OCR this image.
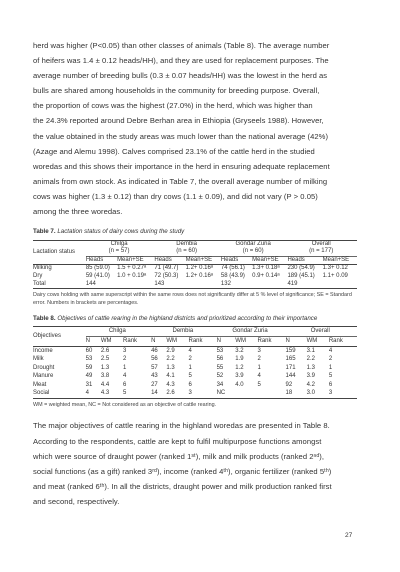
herd was higher (P<0.05) than other classes of animals (Table 8). The average number

of heifers was 1.4 ± 0.12 heads/HH), and they are used for replacement purposes. The

average number of breeding bulls (0.3 ± 0.07 heads/HH) was the lowest in the herd as

bulls are shared among households in the community for breeding purpose. Overall,

the proportion of cows was the highest (27.0%) in the herd, which was higher than

the 24.3% reported around Debre Berhan area in Ethiopia (Gryseels 1988). However,

the value obtained in the study areas was much lower than the national average (42%)

(Azage and Alemu 1998). Calves comprised 23.1% of the cattle herd in the studied

woredas and this shows their importance in the herd in ensuring adequate replacement

animals from own stock. As indicated in Table 7, the overall average number of milking

cows was higher (1.3 ± 0.12) than dry cows (1.1 ± 0.09), and did not vary (P > 0.05)

among the three woredas.

Table 7. Lactation status of dairy cows during the study

Lactation status	Chilga
(n = 57)		Dembia
(n = 60)		Gondar Zuria
(n = 60)		Overall
(n = 177)	
	Heads	Mean+SE	Heads	Mean+SE	Heads	Mean+SE	Heads	Mean+SE
Milking	85 (59.0)	1.5 + 0.27ᵃ	71 (49.7)	1.2+ 0.16ᵃ	74 (56.1)	1.3+ 0.18ᵃ	230 (54.9)	1.3+ 0.12
Dry	59 (41.0)	1.0 + 0.19ᵃ	72 (50.3)	1.2+ 0.16ᵃ	58 (43.9)	0.9+ 0.14ᵃ	189 (45.1)	1.1+ 0.09
Total	144		143		132		419	

Dairy cows holding with same superscript within the same rows does not significantly differ at 5 % level of significance; SE = Standard error. Numbers in brackets are percentages.

Table 8. Objectives of cattle rearing in the highland districts and prioritized according to their importance

Objectives	Chilga			Dembia			Gondar Zuria			Overall		
	N	WM	Rank	N	WM	Rank	N	WM	Rank	N	WM	Rank
Income	60	2.6	3	46	2.9	4	53	3.2	3	159	3.1	4
Milk	53	2.5	2	56	2.2	2	56	1.9	2	165	2.2	2
Drought	59	1.3	1	57	1.3	1	55	1.2	1	171	1.3	1
Manure	49	3.8	4	43	4.1	5	52	3.9	4	144	3.9	5
Meat	31	4.4	6	27	4.3	6	34	4.0	5	92	4.2	6
Social	4	4.3	5	14	2.6	3	NC			18	3.0	3

WM = weighted mean, NC = Not considered as an objective of cattle rearing.

The major objectives of cattle rearing in the highland woredas are presented in Table 8.

According to the respondents, cattle are kept to fulfil multipurpose functions amongst

which were source of draught power (ranked 1ˢᵗ), milk and milk products (ranked 2ⁿᵈ),

social functions (as a gift) ranked 3ʳᵈ), income (ranked 4ᵗʰ), organic fertilizer (ranked 5ᵗʰ)

and meat (ranked 6ᵗʰ). In all the districts, draught power and milk production ranked first

and second, respectively.

27
